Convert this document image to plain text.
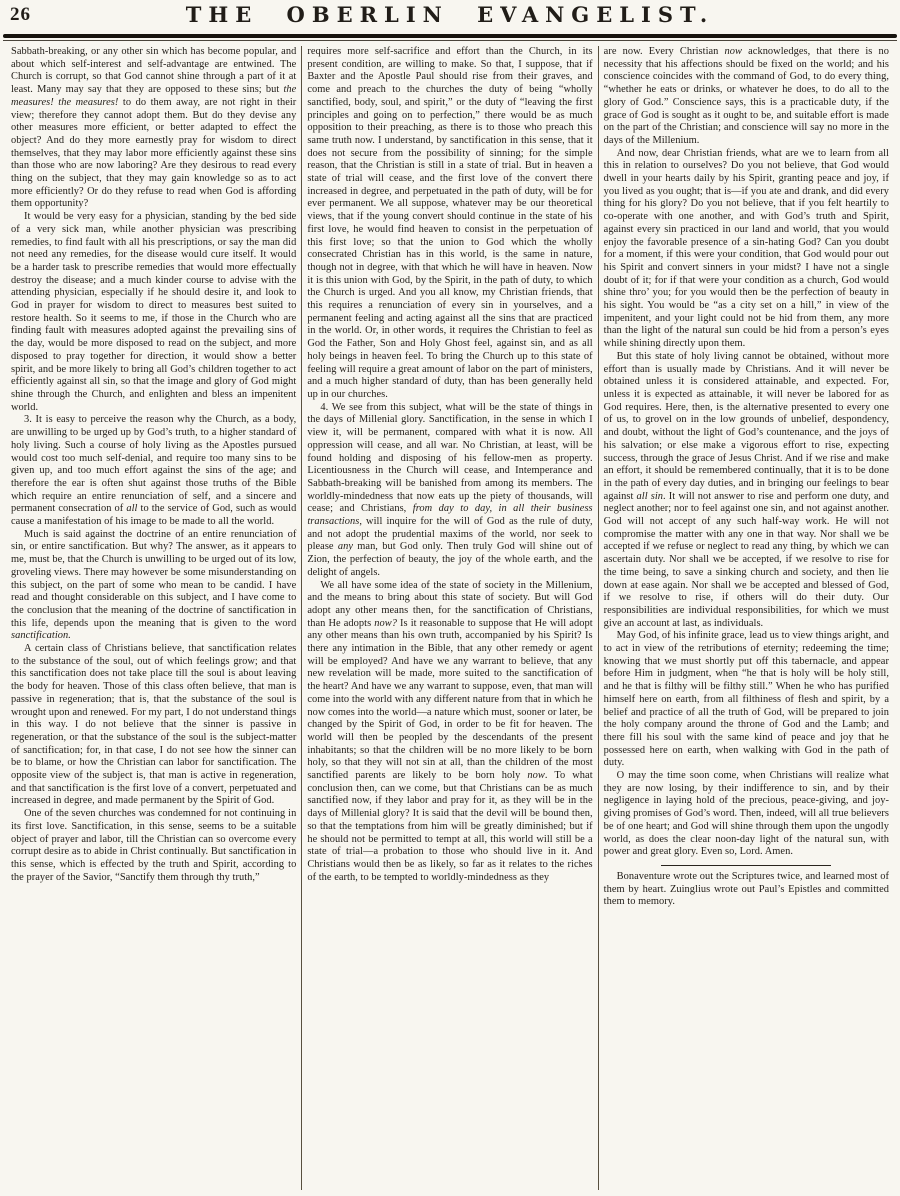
26	THE OBERLIN EVANGELIST.

Sabbath-breaking, or any other sin which has become popular, and about which self-interest and self-advantage are entwined. The Church is corrupt, so that God cannot shine through a part of it at least. Many may say that they are opposed to these sins; but the measures! the measures! to do them away, are not right in their view; therefore they cannot adopt them. But do they devise any other measures more efficient, or better adapted to effect the object? And do they more earnestly pray for wisdom to direct themselves, that they may labor more efficiently against these sins than those who are now laboring? Are they desirous to read every thing on the subject, that they may gain knowledge so as to act more efficiently? Or do they refuse to read when God is affording them opportunity?

It would be very easy for a physician, standing by the bed side of a very sick man, while another physician was prescribing remedies, to find fault with all his prescriptions, or say the man did not need any remedies, for the disease would cure itself. It would be a harder task to prescribe remedies that would more effectually destroy the disease; and a much kinder course to advise with the attending physician, especially if he should desire it, and look to God in prayer for wisdom to direct to measures best suited to restore health. So it seems to me, if those in the Church who are finding fault with measures adopted against the prevailing sins of the day, would be more disposed to read on the subject, and more disposed to pray together for direction, it would show a better spirit, and be more likely to bring all God’s children together to act efficiently against all sin, so that the image and glory of God might shine through the Church, and enlighten and bless an impenitent world.

3. It is easy to perceive the reason why the Church, as a body, are unwilling to be urged up by God’s truth, to a higher standard of holy living. Such a course of holy living as the Apostles pursued would cost too much self-denial, and require too many sins to be given up, and too much effort against the sins of the age; and therefore the ear is often shut against those truths of the Bible which require an entire renunciation of self, and a sincere and permanent consecration of all to the service of God, such as would cause a manifestation of his image to be made to all the world.

Much is said against the doctrine of an entire renunciation of sin, or entire sanctification. But why? The answer, as it appears to me, must be, that the Church is unwilling to be urged out of its low, groveling views. There may however be some misunderstanding on this subject, on the part of some who mean to be candid. I have read and thought considerable on this subject, and I have come to the conclusion that the meaning of the doctrine of sanctification in this life, depends upon the meaning that is given to the word sanctification.

A certain class of Christians believe, that sanctification relates to the substance of the soul, out of which feelings grow; and that this sanctification does not take place till the soul is about leaving the body for heaven. Those of this class often believe, that man is passive in regeneration; that is, that the substance of the soul is wrought upon and renewed. For my part, I do not understand things in this way. I do not believe that the sinner is passive in regeneration, or that the substance of the soul is the subject-matter of sanctification; for, in that case, I do not see how the sinner can be to blame, or how the Christian can labor for sanctification. The opposite view of the subject is, that man is active in regeneration, and that sanctification is the first love of a convert, perpetuated and increased in degree, and made permanent by the Spirit of God.

One of the seven churches was condemned for not continuing in its first love. Sanctification, in this sense, seems to be a suitable object of prayer and labor, till the Christian can so overcome every corrupt desire as to abide in Christ continually. But sanctification in this sense, which is effected by the truth and Spirit, according to the prayer of the Savior, “Sanctify them through thy truth,”

requires more self-sacrifice and effort than the Church, in its present condition, are willing to make. So that, I suppose, that if Baxter and the Apostle Paul should rise from their graves, and come and preach to the churches the duty of being “wholly sanctified, body, soul, and spirit,” or the duty of “leaving the first principles and going on to perfection,” there would be as much opposition to their preaching, as there is to those who preach this same truth now. I understand, by sanctification in this sense, that it does not secure from the possibility of sinning; for the simple reason, that the Christian is still in a state of trial. But in heaven a state of trial will cease, and the first love of the convert there increased in degree, and perpetuated in the path of duty, will be for ever permanent. We all suppose, whatever may be our theoretical views, that if the young convert should continue in the state of his first love, he would find heaven to consist in the perpetuation of this first love; so that the union to God which the wholly consecrated Christian has in this world, is the same in nature, though not in degree, with that which he will have in heaven. Now it is this union with God, by the Spirit, in the path of duty, to which the Church is urged. And you all know, my Christian friends, that this requires a renunciation of every sin in yourselves, and a permanent feeling and acting against all the sins that are practiced in the world. Or, in other words, it requires the Christian to feel as God the Father, Son and Holy Ghost feel, against sin, and as all holy beings in heaven feel. To bring the Church up to this state of feeling will require a great amount of labor on the part of ministers, and a much higher standard of duty, than has been generally held up in our churches.

4. We see from this subject, what will be the state of things in the days of Millenial glory. Sanctification, in the sense in which I view it, will be permanent, compared with what it is now. All oppression will cease, and all war. No Christian, at least, will be found holding and disposing of his fellow-men as property. Licentiousness in the Church will cease, and Intemperance and Sabbath-breaking will be banished from among its members. The worldly-mindedness that now eats up the piety of thousands, will cease; and Christians, from day to day, in all their business transactions, will inquire for the will of God as the rule of duty, and not adopt the prudential maxims of the world, nor seek to please any man, but God only. Then truly God will shine out of Zion, the perfection of beauty, the joy of the whole earth, and the delight of angels.

We all have some idea of the state of society in the Millenium, and the means to bring about this state of society. But will God adopt any other means then, for the sanctification of Christians, than He adopts now? Is it reasonable to suppose that He will adopt any other means than his own truth, accompanied by his Spirit? Is there any intimation in the Bible, that any other remedy or agent will be employed? And have we any warrant to believe, that any new revelation will be made, more suited to the sanctification of the heart? And have we any warrant to suppose, even, that man will come into the world with any different nature from that in which he now comes into the world—a nature which must, sooner or later, be changed by the Spirit of God, in order to be fit for heaven. The world will then be peopled by the descendants of the present inhabitants; so that the children will be no more likely to be born holy, so that they will not sin at all, than the children of the most sanctified parents are likely to be born holy now. To what conclusion then, can we come, but that Christians can be as much sanctified now, if they labor and pray for it, as they will be in the days of Millenial glory? It is said that the devil will be bound then, so that the temptations from him will be greatly diminished; but if he should not be permitted to tempt at all, this world will still be a state of trial—a probation to those who should live in it. And Christians would then be as likely, so far as it relates to the riches of the earth, to be tempted to worldly-mindedness as they

are now. Every Christian now acknowledges, that there is no necessity that his affections should be fixed on the world; and his conscience coincides with the command of God, to do every thing, “whether he eats or drinks, or whatever he does, to do all to the glory of God.” Conscience says, this is a practicable duty, if the grace of God is sought as it ought to be, and suitable effort is made on the part of the Christian; and conscience will say no more in the days of the Millenium.

And now, dear Christian friends, what are we to learn from all this in relation to ourselves? Do you not believe, that God would dwell in your hearts daily by his Spirit, granting peace and joy, if you lived as you ought; that is—if you ate and drank, and did every thing for his glory? Do you not believe, that if you felt heartily to co-operate with one another, and with God’s truth and Spirit, against every sin practiced in our land and world, that you would enjoy the favorable presence of a sin-hating God? Can you doubt for a moment, if this were your condition, that God would pour out his Spirit and convert sinners in your midst? I have not a single doubt of it; for if that were your condition as a church, God would shine thro’ you; for you would then be the perfection of beauty in his sight. You would be “as a city set on a hill,” in view of the impenitent, and your light could not be hid from them, any more than the light of the natural sun could be hid from a person’s eyes while shining directly upon them.

But this state of holy living cannot be obtained, without more effort than is usually made by Christians. And it will never be obtained unless it is considered attainable, and expected. For, unless it is expected as attainable, it will never be labored for as God requires. Here, then, is the alternative presented to every one of us, to grovel on in the low grounds of unbelief, despondency, and doubt, without the light of God’s countenance, and the joys of his salvation; or else make a vigorous effort to rise, expecting success, through the grace of Jesus Christ. And if we rise and make an effort, it should be remembered continually, that it is to be done in the path of every day duties, and in bringing our feelings to bear against all sin. It will not answer to rise and perform one duty, and neglect another; nor to feel against one sin, and not against another. God will not accept of any such half-way work. He will not compromise the matter with any one in that way. Nor shall we be accepted if we refuse or neglect to read any thing, by which we can ascertain duty. Nor shall we be accepted, if we resolve to rise for the time being, to save a sinking church and society, and then lie down at ease again. Nor shall we be accepted and blessed of God, if we resolve to rise, if others will do their duty. Our responsibilities are individual responsibilities, for which we must give an account at last, as individuals.

May God, of his infinite grace, lead us to view things aright, and to act in view of the retributions of eternity; redeeming the time; knowing that we must shortly put off this tabernacle, and appear before Him in judgment, when “he that is holy will be holy still, and he that is filthy will be filthy still.” When he who has purified himself here on earth, from all filthiness of flesh and spirit, by a belief and practice of all the truth of God, will be prepared to join the holy company around the throne of God and the Lamb; and there fill his soul with the same kind of peace and joy that he possessed here on earth, when walking with God in the path of duty.

O may the time soon come, when Christians will realize what they are now losing, by their indifference to sin, and by their negligence in laying hold of the precious, peace-giving, and joy-giving promises of God’s word. Then, indeed, will all true believers be of one heart; and God will shine through them upon the ungodly world, as does the clear noon-day light of the natural sun, with power and great glory. Even so, Lord. Amen.

Bonaventure wrote out the Scriptures twice, and learned most of them by heart. Zuinglius wrote out Paul’s Epistles and committed them to memory.
